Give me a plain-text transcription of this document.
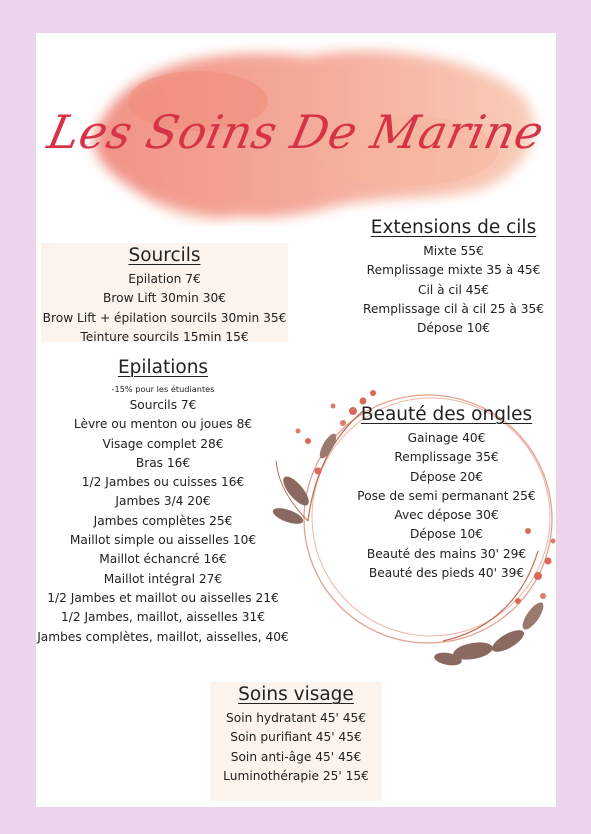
Les Soins De Marine
Sourcils
Epilation 7€
Brow Lift 30min 30€
Brow Lift + épilation sourcils 30min 35€
Teinture sourcils 15min 15€
Extensions de cils
Mixte 55€
Remplissage mixte 35 à 45€
Cil à cil 45€
Remplissage cil à cil 25 à 35€
Dépose 10€
Epilations
-15% pour les étudiantes
Sourcils 7€
Lèvre ou menton ou joues 8€
Visage complet 28€
Bras 16€
1/2 Jambes ou cuisses 16€
Jambes 3/4 20€
Jambes complètes 25€
Maillot simple ou aisselles 10€
Maillot échancré 16€
Maillot intégral 27€
1/2 Jambes et maillot ou aisselles 21€
1/2 Jambes, maillot, aisselles 31€
Jambes complètes, maillot, aisselles, 40€
Beauté des ongles
Gainage 40€
Remplissage 35€
Dépose 20€
Pose de semi permanant 25€
Avec dépose 30€
Dépose 10€
Beauté des mains 30' 29€
Beauté des pieds 40' 39€
Soins visage
Soin hydratant 45' 45€
Soin purifiant 45' 45€
Soin anti-âge 45' 45€
Luminothérapie 25' 15€
